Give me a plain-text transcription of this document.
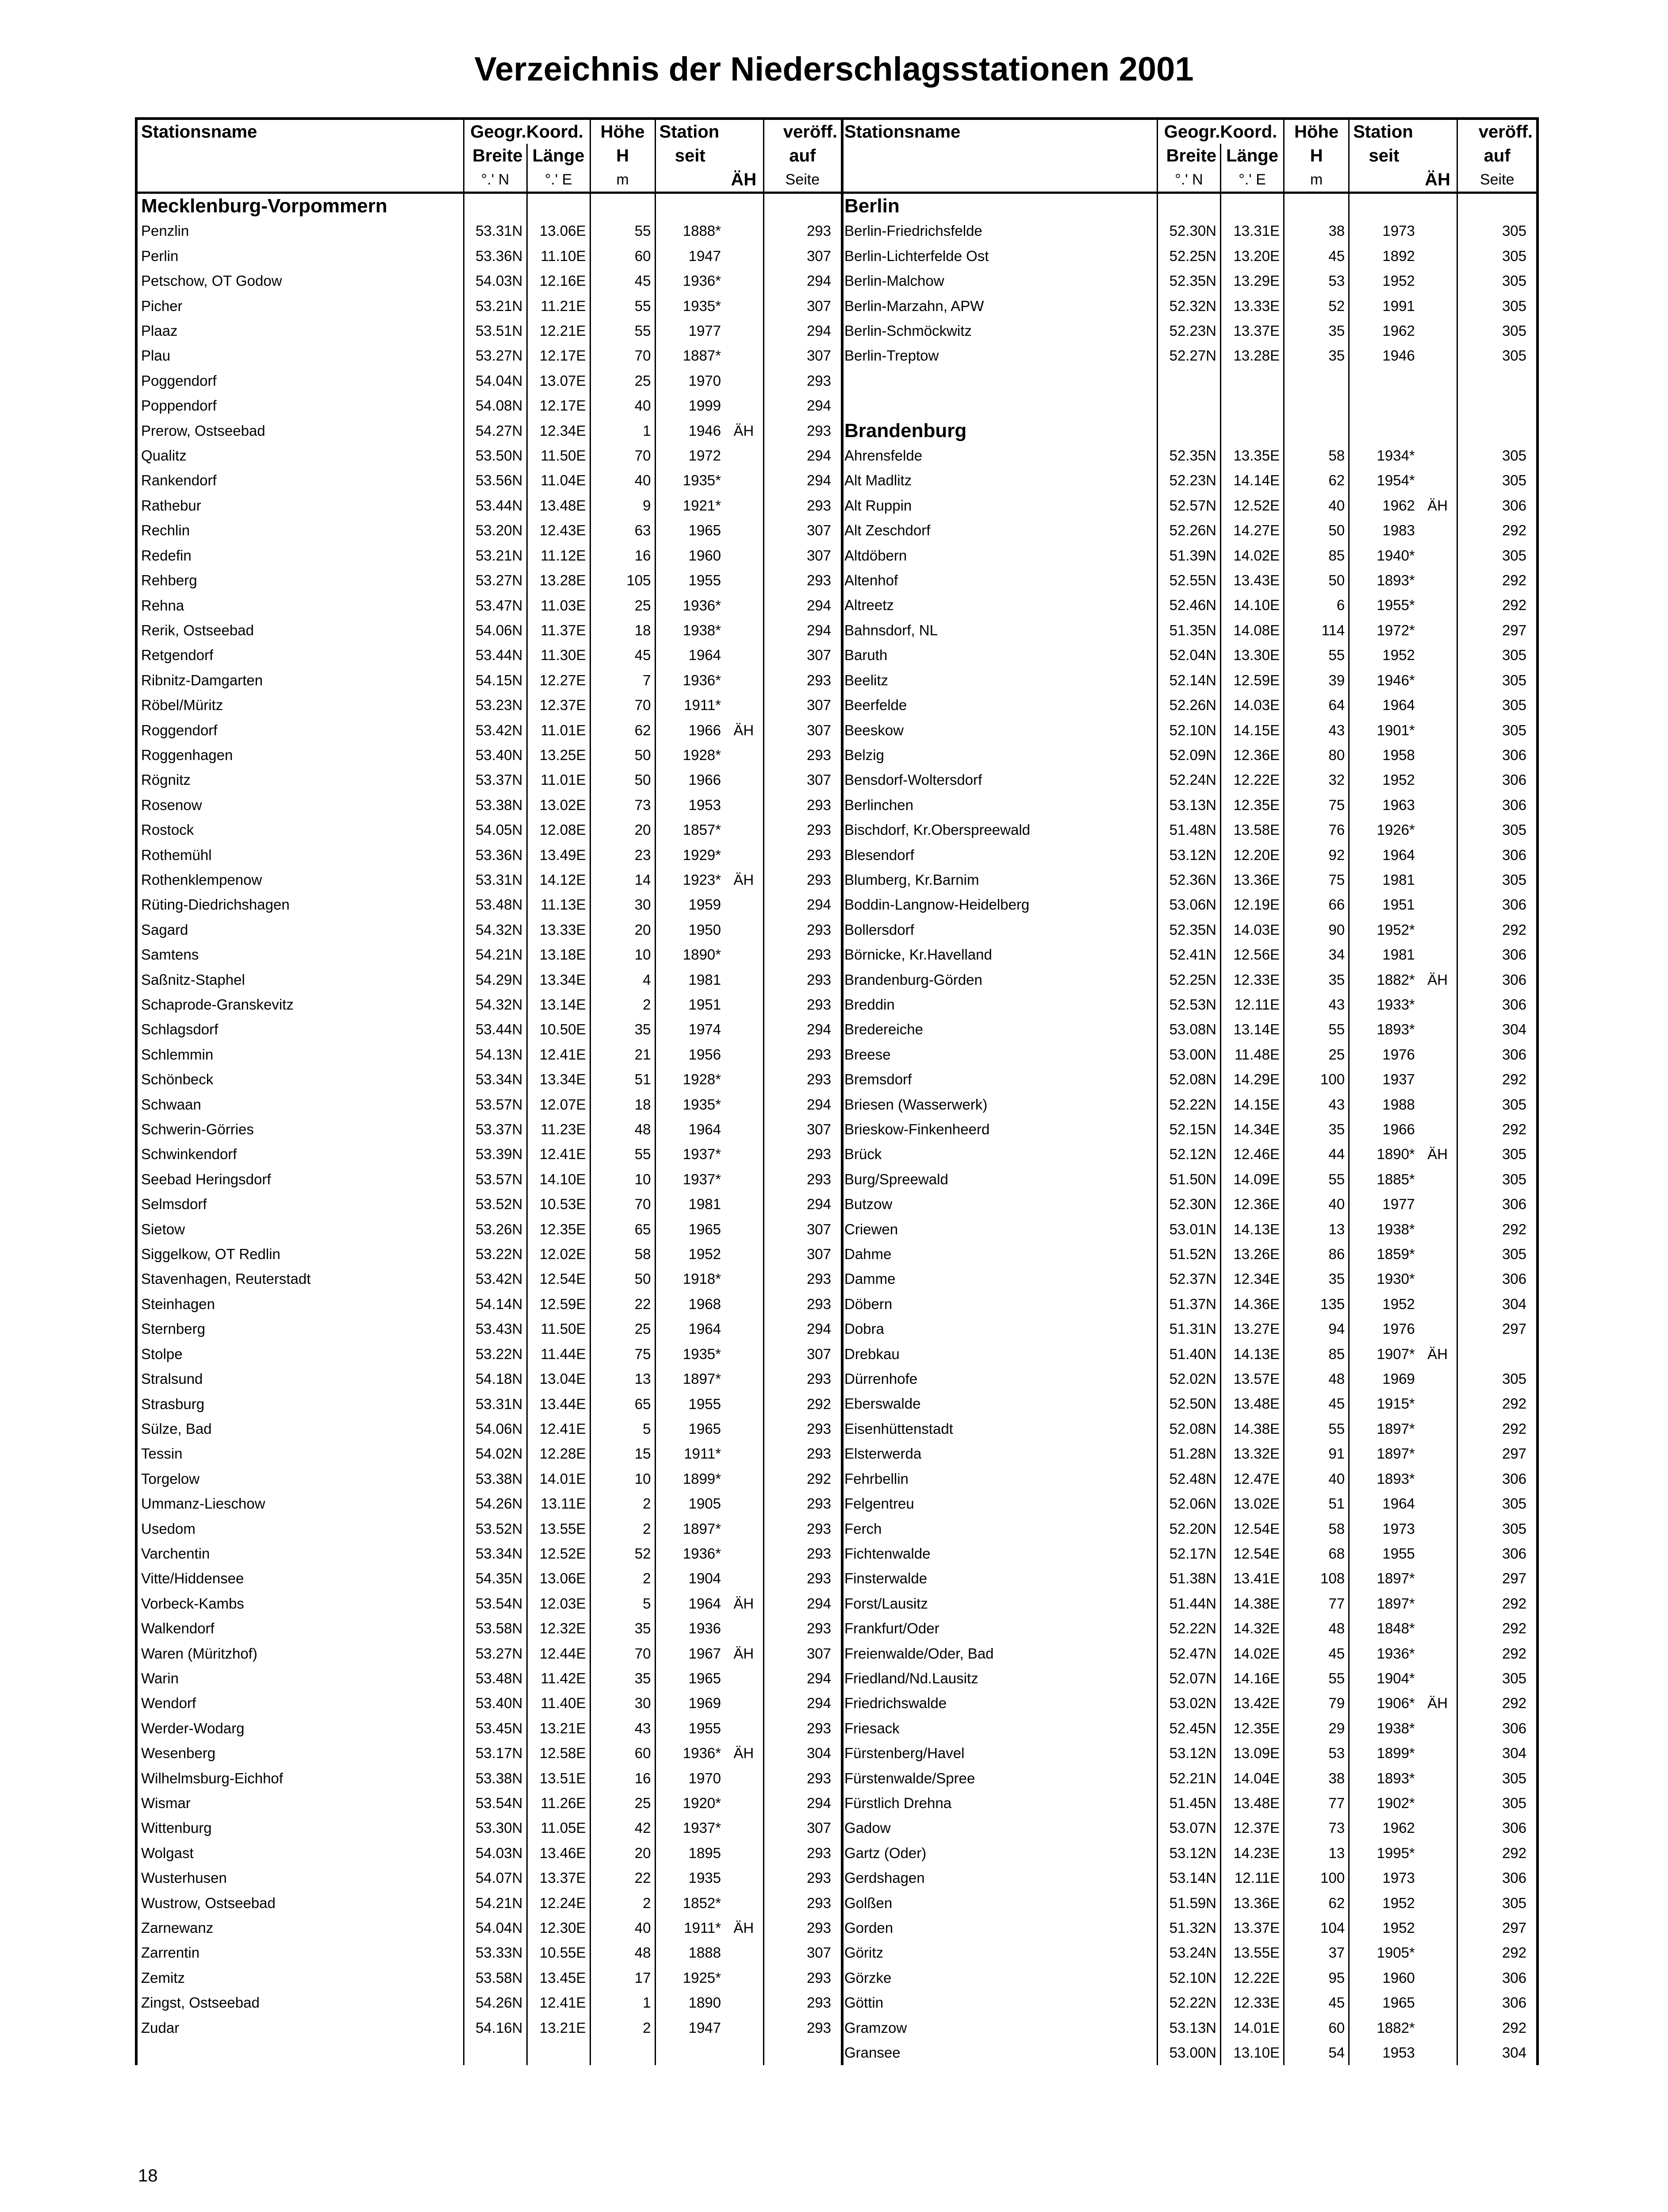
Verzeichnis der Niederschlagsstationen 2001
Stationsname	Geogr.Koord.		Höhe	Station		veröff.
	Breite	Länge	H	seit		auf
	°.' N	°.' E	m		ÄH	Seite
Mecklenburg-Vorpommern						
Penzlin	53.31N	13.06E	55	1888*		293
Perlin	53.36N	11.10E	60	1947		307
Petschow, OT Godow	54.03N	12.16E	45	1936*		294
Picher	53.21N	11.21E	55	1935*		307
Plaaz	53.51N	12.21E	55	1977		294
Plau	53.27N	12.17E	70	1887*		307
Poggendorf	54.04N	13.07E	25	1970		293
Poppendorf	54.08N	12.17E	40	1999		294
Prerow, Ostseebad	54.27N	12.34E	1	1946	ÄH	293
Qualitz	53.50N	11.50E	70	1972		294
Rankendorf	53.56N	11.04E	40	1935*		294
Rathebur	53.44N	13.48E	9	1921*		293
Rechlin	53.20N	12.43E	63	1965		307
Redefin	53.21N	11.12E	16	1960		307
Rehberg	53.27N	13.28E	105	1955		293
Rehna	53.47N	11.03E	25	1936*		294
Rerik, Ostseebad	54.06N	11.37E	18	1938*		294
Retgendorf	53.44N	11.30E	45	1964		307
Ribnitz-Damgarten	54.15N	12.27E	7	1936*		293
Röbel/Müritz	53.23N	12.37E	70	1911*		307
Roggendorf	53.42N	11.01E	62	1966	ÄH	307
Roggenhagen	53.40N	13.25E	50	1928*		293
Rögnitz	53.37N	11.01E	50	1966		307
Rosenow	53.38N	13.02E	73	1953		293
Rostock	54.05N	12.08E	20	1857*		293
Rothemühl	53.36N	13.49E	23	1929*		293
Rothenklempenow	53.31N	14.12E	14	1923*	ÄH	293
Rüting-Diedrichshagen	53.48N	11.13E	30	1959		294
Sagard	54.32N	13.33E	20	1950		293
Samtens	54.21N	13.18E	10	1890*		293
Saßnitz-Staphel	54.29N	13.34E	4	1981		293
Schaprode-Granskevitz	54.32N	13.14E	2	1951		293
Schlagsdorf	53.44N	10.50E	35	1974		294
Schlemmin	54.13N	12.41E	21	1956		293
Schönbeck	53.34N	13.34E	51	1928*		293
Schwaan	53.57N	12.07E	18	1935*		294
Schwerin-Görries	53.37N	11.23E	48	1964		307
Schwinkendorf	53.39N	12.41E	55	1937*		293
Seebad Heringsdorf	53.57N	14.10E	10	1937*		293
Selmsdorf	53.52N	10.53E	70	1981		294
Sietow	53.26N	12.35E	65	1965		307
Siggelkow, OT Redlin	53.22N	12.02E	58	1952		307
Stavenhagen, Reuterstadt	53.42N	12.54E	50	1918*		293
Steinhagen	54.14N	12.59E	22	1968		293
Sternberg	53.43N	11.50E	25	1964		294
Stolpe	53.22N	11.44E	75	1935*		307
Stralsund	54.18N	13.04E	13	1897*		293
Strasburg	53.31N	13.44E	65	1955		292
Sülze, Bad	54.06N	12.41E	5	1965		293
Tessin	54.02N	12.28E	15	1911*		293
Torgelow	53.38N	14.01E	10	1899*		292
Ummanz-Lieschow	54.26N	13.11E	2	1905		293
Usedom	53.52N	13.55E	2	1897*		293
Varchentin	53.34N	12.52E	52	1936*		293
Vitte/Hiddensee	54.35N	13.06E	2	1904		293
Vorbeck-Kambs	53.54N	12.03E	5	1964	ÄH	294
Walkendorf	53.58N	12.32E	35	1936		293
Waren (Müritzhof)	53.27N	12.44E	70	1967	ÄH	307
Warin	53.48N	11.42E	35	1965		294
Wendorf	53.40N	11.40E	30	1969		294
Werder-Wodarg	53.45N	13.21E	43	1955		293
Wesenberg	53.17N	12.58E	60	1936*	ÄH	304
Wilhelmsburg-Eichhof	53.38N	13.51E	16	1970		293
Wismar	53.54N	11.26E	25	1920*		294
Wittenburg	53.30N	11.05E	42	1937*		307
Wolgast	54.03N	13.46E	20	1895		293
Wusterhusen	54.07N	13.37E	22	1935		293
Wustrow, Ostseebad	54.21N	12.24E	2	1852*		293
Zarnewanz	54.04N	12.30E	40	1911*	ÄH	293
Zarrentin	53.33N	10.55E	48	1888		307
Zemitz	53.58N	13.45E	17	1925*		293
Zingst, Ostseebad	54.26N	12.41E	1	1890		293
Zudar	54.16N	13.21E	2	1947		293

Stationsname	Geogr.Koord.		Höhe	Station		veröff.
	Breite	Länge	H	seit		auf
	°.' N	°.' E	m		ÄH	Seite
Berlin						
Berlin-Friedrichsfelde	52.30N	13.31E	38	1973		305
Berlin-Lichterfelde Ost	52.25N	13.20E	45	1892		305
Berlin-Malchow	52.35N	13.29E	53	1952		305
Berlin-Marzahn, APW	52.32N	13.33E	52	1991		305
Berlin-Schmöckwitz	52.23N	13.37E	35	1962		305
Berlin-Treptow	52.27N	13.28E	35	1946		305

Brandenburg						
Ahrensfelde	52.35N	13.35E	58	1934*		305
Alt Madlitz	52.23N	14.14E	62	1954*		305
Alt Ruppin	52.57N	12.52E	40	1962	ÄH	306
Alt Zeschdorf	52.26N	14.27E	50	1983		292
Altdöbern	51.39N	14.02E	85	1940*		305
Altenhof	52.55N	13.43E	50	1893*		292
Altreetz	52.46N	14.10E	6	1955*		292
Bahnsdorf, NL	51.35N	14.08E	114	1972*		297
Baruth	52.04N	13.30E	55	1952		305
Beelitz	52.14N	12.59E	39	1946*		305
Beerfelde	52.26N	14.03E	64	1964		305
Beeskow	52.10N	14.15E	43	1901*		305
Belzig	52.09N	12.36E	80	1958		306
Bensdorf-Woltersdorf	52.24N	12.22E	32	1952		306
Berlinchen	53.13N	12.35E	75	1963		306
Bischdorf, Kr.Oberspreewald	51.48N	13.58E	76	1926*		305
Blesendorf	53.12N	12.20E	92	1964		306
Blumberg, Kr.Barnim	52.36N	13.36E	75	1981		305
Boddin-Langnow-Heidelberg	53.06N	12.19E	66	1951		306
Bollersdorf	52.35N	14.03E	90	1952*		292
Börnicke, Kr.Havelland	52.41N	12.56E	34	1981		306
Brandenburg-Görden	52.25N	12.33E	35	1882*	ÄH	306
Breddin	52.53N	12.11E	43	1933*		306
Bredereiche	53.08N	13.14E	55	1893*		304
Breese	53.00N	11.48E	25	1976		306
Bremsdorf	52.08N	14.29E	100	1937		292
Briesen (Wasserwerk)	52.22N	14.15E	43	1988		305
Brieskow-Finkenheerd	52.15N	14.34E	35	1966		292
Brück	52.12N	12.46E	44	1890*	ÄH	305
Burg/Spreewald	51.50N	14.09E	55	1885*		305
Butzow	52.30N	12.36E	40	1977		306
Criewen	53.01N	14.13E	13	1938*		292
Dahme	51.52N	13.26E	86	1859*		305
Damme	52.37N	12.34E	35	1930*		306
Döbern	51.37N	14.36E	135	1952		304
Dobra	51.31N	13.27E	94	1976		297
Drebkau	51.40N	14.13E	85	1907*	ÄH	
Dürrenhofe	52.02N	13.57E	48	1969		305
Eberswalde	52.50N	13.48E	45	1915*		292
Eisenhüttenstadt	52.08N	14.38E	55	1897*		292
Elsterwerda	51.28N	13.32E	91	1897*		297
Fehrbellin	52.48N	12.47E	40	1893*		306
Felgentreu	52.06N	13.02E	51	1964		305
Ferch	52.20N	12.54E	58	1973		305
Fichtenwalde	52.17N	12.54E	68	1955		306
Finsterwalde	51.38N	13.41E	108	1897*		297
Forst/Lausitz	51.44N	14.38E	77	1897*		292
Frankfurt/Oder	52.22N	14.32E	48	1848*		292
Freienwalde/Oder, Bad	52.47N	14.02E	45	1936*		292
Friedland/Nd.Lausitz	52.07N	14.16E	55	1904*		305
Friedrichswalde	53.02N	13.42E	79	1906*	ÄH	292
Friesack	52.45N	12.35E	29	1938*		306
Fürstenberg/Havel	53.12N	13.09E	53	1899*		304
Fürstenwalde/Spree	52.21N	14.04E	38	1893*		305
Fürstlich Drehna	51.45N	13.48E	77	1902*		305
Gadow	53.07N	12.37E	73	1962		306
Gartz (Oder)	53.12N	14.23E	13	1995*		292
Gerdshagen	53.14N	12.11E	100	1973		306
Golßen	51.59N	13.36E	62	1952		305
Gorden	51.32N	13.37E	104	1952		297
Göritz	53.24N	13.55E	37	1905*		292
Görzke	52.10N	12.22E	95	1960		306
Göttin	52.22N	12.33E	45	1965		306
Gramzow	53.13N	14.01E	60	1882*		292
Gransee	53.00N	13.10E	54	1953		304
18
